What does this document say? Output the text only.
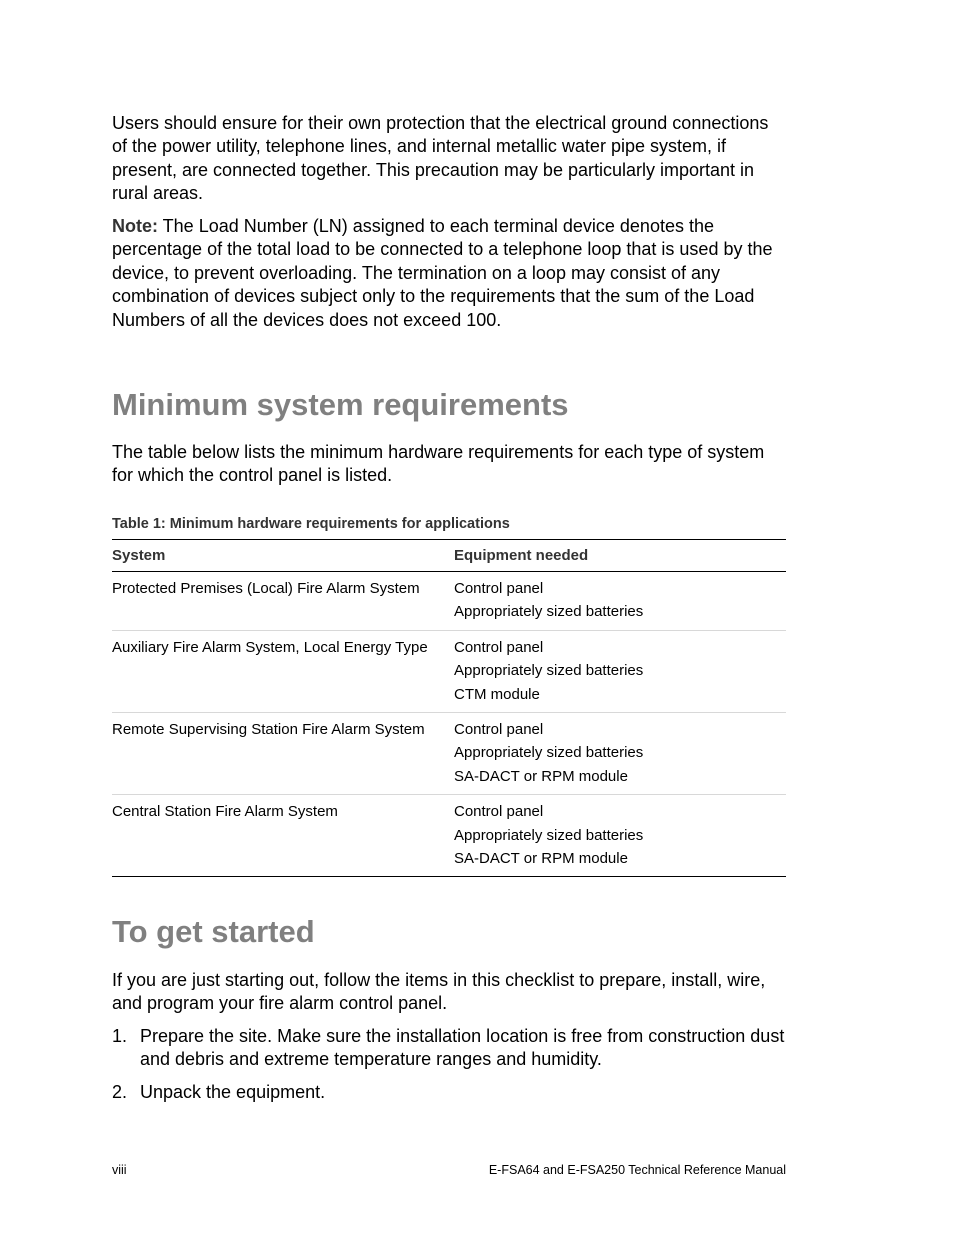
Users should ensure for their own protection that the electrical ground connections of the power utility, telephone lines, and internal metallic water pipe system, if present, are connected together. This precaution may be particularly important in rural areas.

Note: The Load Number (LN) assigned to each terminal device denotes the percentage of the total load to be connected to a telephone loop that is used by the device, to prevent overloading. The termination on a loop may consist of any combination of devices subject only to the requirements that the sum of the Load Numbers of all the devices does not exceed 100.

Minimum system requirements

The table below lists the minimum hardware requirements for each type of system for which the control panel is listed.

Table 1: Minimum hardware requirements for applications
System	Equipment needed
Protected Premises (Local) Fire Alarm System	Control panel
Appropriately sized batteries

Auxiliary Fire Alarm System, Local Energy Type	Control panel
Appropriately sized batteries
CTM module

Remote Supervising Station Fire Alarm System	Control panel
Appropriately sized batteries
SA-DACT or RPM module

Central Station Fire Alarm System	Control panel
Appropriately sized batteries
SA-DACT or RPM module
To get started

If you are just starting out, follow the items in this checklist to prepare, install, wire, and program your fire alarm control panel.

1. Prepare the site. Make sure the installation location is free from construction dust and debris and extreme temperature ranges and humidity.
2. Unpack the equipment.
viii	E-FSA64 and E-FSA250 Technical Reference Manual
